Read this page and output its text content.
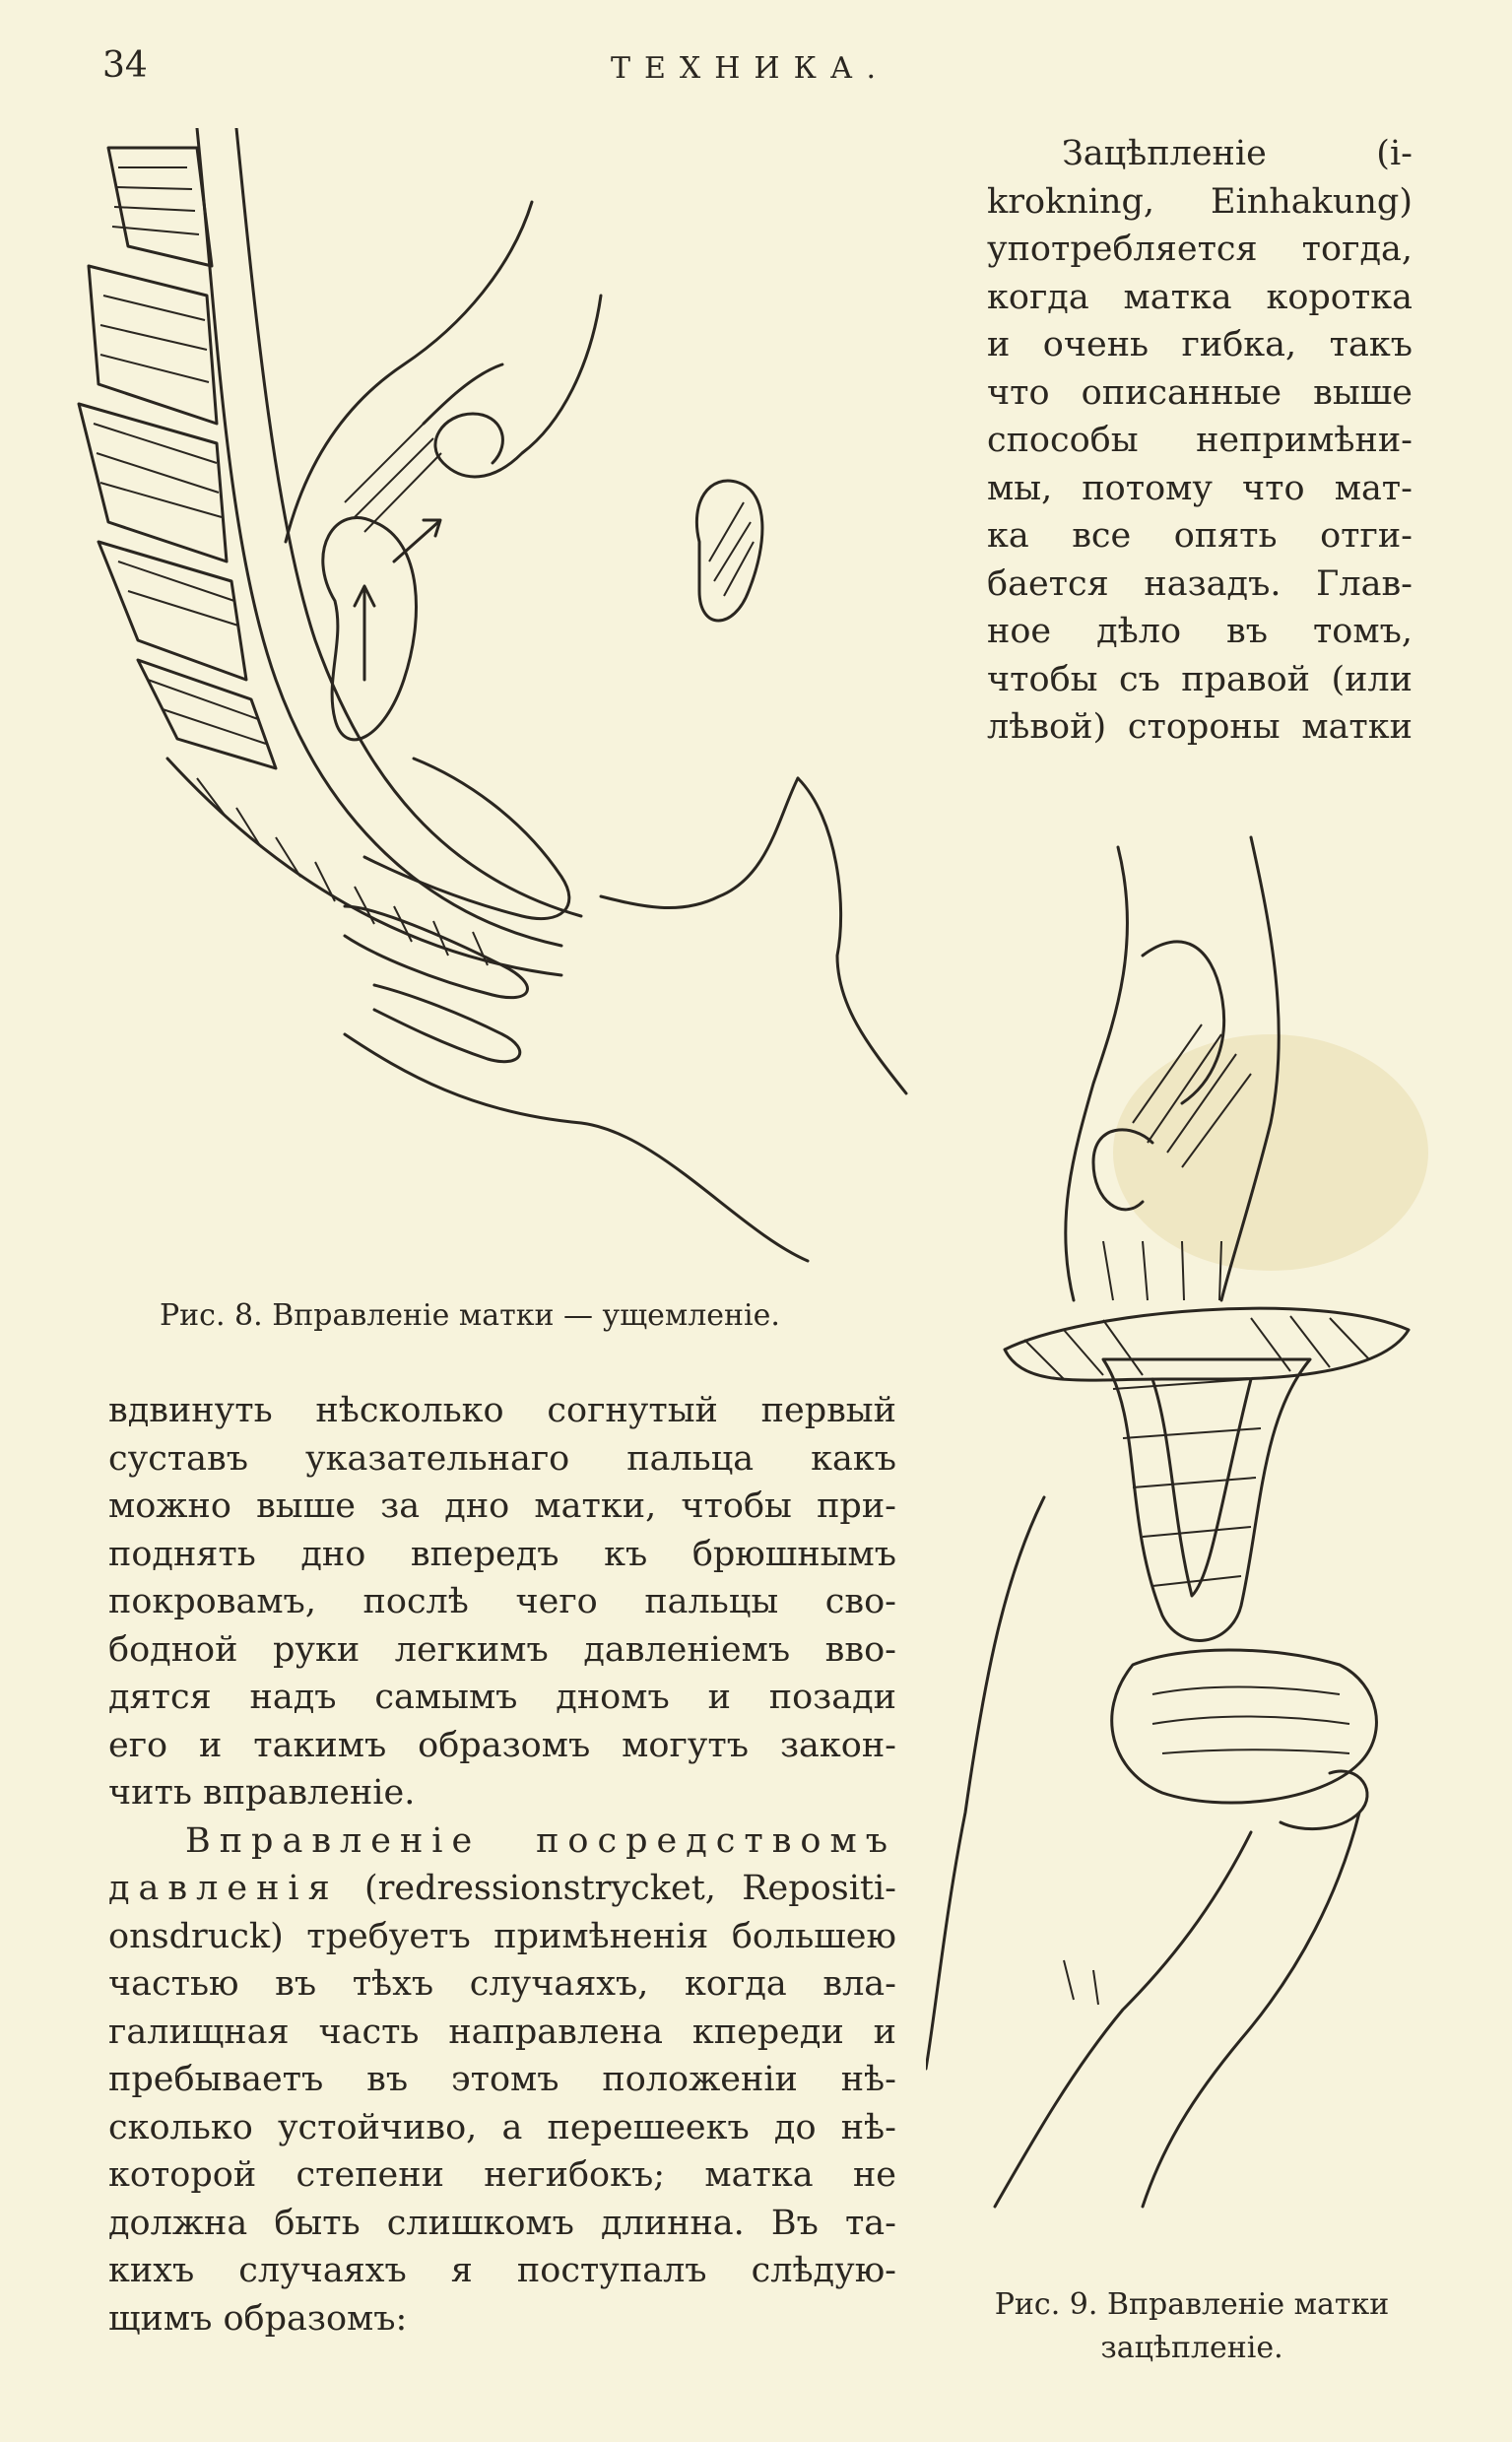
34	ТЕХНИКА.
Зацѣпленіе (i-
krokning, Einhakung)
употребляется тогда,
когда матка коротка
и очень гибка, такъ
что описанные выше
способы непримѣни-
мы, потому что мат-
ка все опять отги-
бается назадъ. Глав-
ное дѣло въ томъ,
чтобы съ правой (или
лѣвой) стороны матки
Рис. 8. Вправленіе матки — ущемленіе.
вдвинуть нѣсколько согнутый первый
суставъ указательнаго пальца какъ
можно выше за дно матки, чтобы при-
поднять дно впередъ къ брюшнымъ
покровамъ, послѣ чего пальцы сво-
бодной руки легкимъ давленіемъ вво-
дятся надъ самымъ дномъ и позади
его и такимъ образомъ могутъ закон-
чить вправленіе.
Вправленіе посредствомъ
давленія (redressionstrycket, Repositi-
onsdruck) требуетъ примѣненія большею
частью въ тѣхъ случаяхъ, когда вла-
галищная часть направлена кпереди и
пребываетъ въ этомъ положеніи нѣ-
сколько устойчиво, а перешеекъ до нѣ-
которой степени негибокъ; матка не
должна быть слишкомъ длинна. Въ та-
кихъ случаяхъ я поступалъ слѣдую-
щимъ образомъ:	Рис. 9. Вправленіе матки
зацѣпленіе.
